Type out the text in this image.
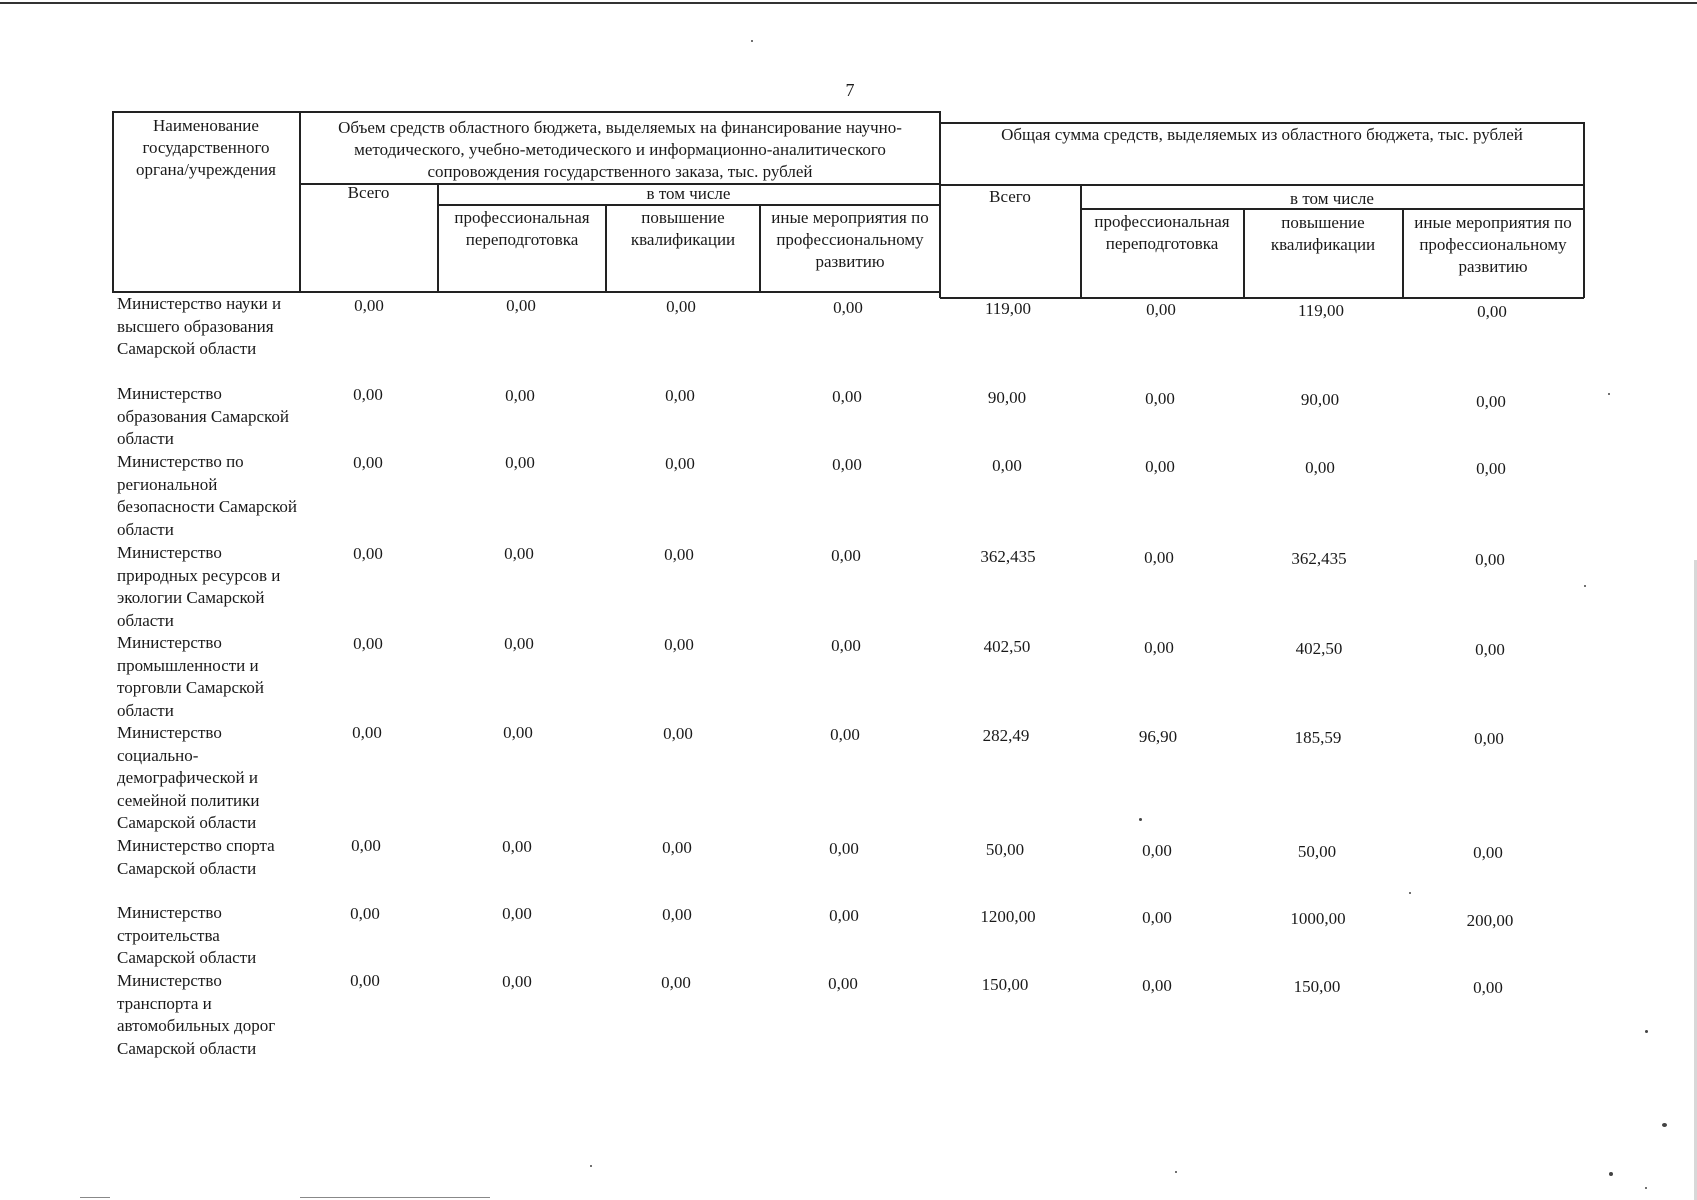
7
Наименование государственного органа/учреждения
Объем средств областного бюджета, выделяемых на финансирование научно-методического, учебно-методического и информационно-аналитического сопровождения государственного заказа, тыс. рублей
Общая сумма средств, выделяемых из областного бюджета, тыс. рублей
Всего	в том числе
профессиональная переподготовка
повышение квалификации
иные мероприятия по профессиональному развитию
Всего	в том числе
профессиональная переподготовка
повышение квалификации
иные мероприятия по профессиональному развитию
Министерство науки и высшего образования Самарской области
0,00	0,00	0,00	0,00	119,00	0,00	119,00	0,00
Министерство образования Самарской области
0,00	0,00	0,00	0,00	90,00	0,00	90,00	0,00
Министерство по региональной безопасности Самарской области
0,00	0,00	0,00	0,00	0,00	0,00	0,00	0,00
Министерство природных ресурсов и экологии Самарской области
0,00	0,00	0,00	0,00	362,435	0,00	362,435	0,00
Министерство промышленности и торговли Самарской области
0,00	0,00	0,00	0,00	402,50	0,00	402,50	0,00
Министерство социально-демографической и семейной политики Самарской области
0,00	0,00	0,00	0,00	282,49	96,90	185,59	0,00
Министерство спорта Самарской области
0,00	0,00	0,00	0,00	50,00	0,00	50,00	0,00
Министерство строительства Самарской области
0,00	0,00	0,00	0,00	1200,00	0,00	1000,00	200,00
Министерство транспорта и автомобильных дорог Самарской области
0,00	0,00	0,00	0,00	150,00	0,00	150,00	0,00
